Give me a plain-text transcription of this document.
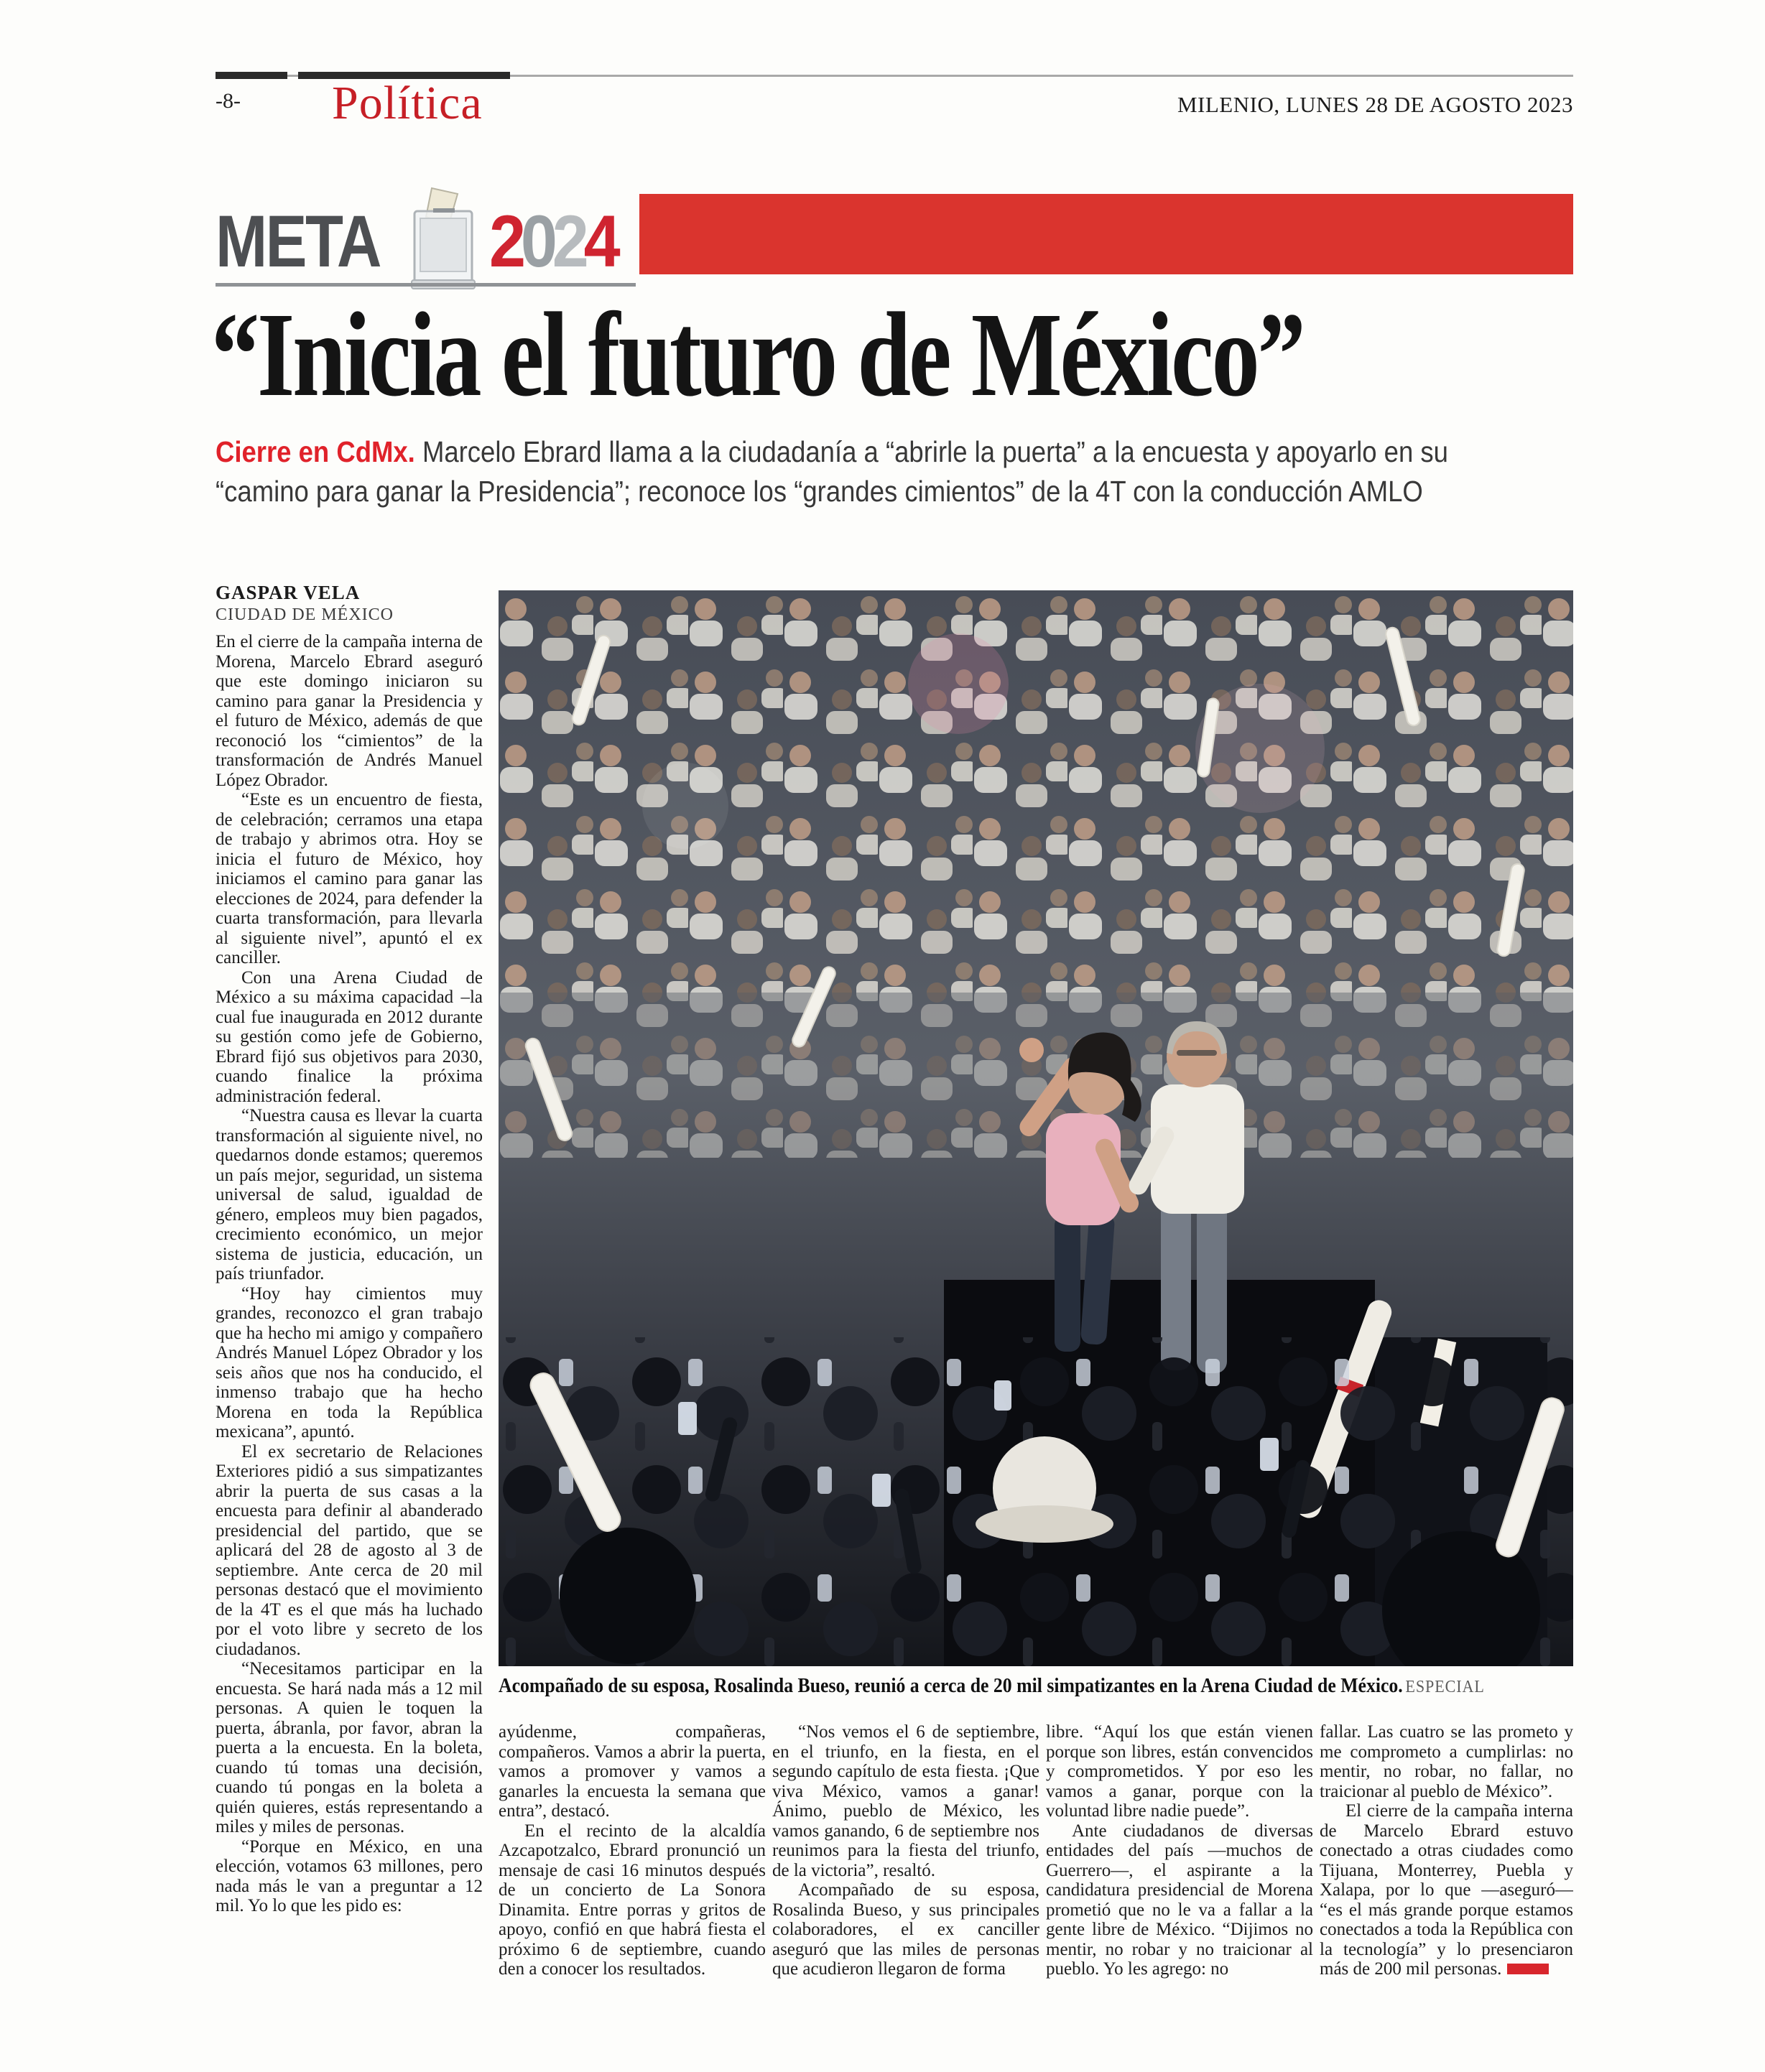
-8- Política	MILENIO, LUNES 28 DE AGOSTO 2023
META 2024
“Inicia el futuro de México”
Cierre en CdMx. Marcelo Ebrard llama a la ciudadanía a “abrirle la puerta” a la encuesta y apoyarlo en su
“camino para ganar la Presidencia”; reconoce los “grandes cimientos” de la 4T con la conducción AMLO
GASPAR VELA
CIUDAD DE MÉXICO

En el cierre de la campaña interna de Morena, Marcelo Ebrard aseguró que este domingo iniciaron su camino para ganar la Presidencia y el futuro de México, además de que reconoció los “cimientos” de la transformación de Andrés Manuel López Obrador.

“Este es un encuentro de fiesta, de celebración; cerramos una etapa de trabajo y abrimos otra. Hoy se inicia el futuro de México, hoy iniciamos el camino para ganar las elecciones de 2024, para defender la cuarta transformación, para llevarla al siguiente nivel”, apuntó el ex canciller.

Con una Arena Ciudad de México a su máxima capacidad –la cual fue inaugurada en 2012 durante su gestión como jefe de Gobierno, Ebrard fijó sus objetivos para 2030, cuando finalice la próxima administración federal.

“Nuestra causa es llevar la cuarta transformación al siguiente nivel, no quedarnos donde estamos; queremos un país mejor, seguridad, un sistema universal de salud, igualdad de género, empleos muy bien pagados, crecimiento económico, un mejor sistema de justicia, educación, un país triunfador.

“Hoy hay cimientos muy grandes, reconozco el gran trabajo que ha hecho mi amigo y compañero Andrés Manuel López Obrador y los seis años que nos ha conducido, el inmenso trabajo que ha hecho Morena en toda la República mexicana”, apuntó.

El ex secretario de Relaciones Exteriores pidió a sus simpatizantes abrir la puerta de sus casas a la encuesta para definir al abanderado presidencial del partido, que se aplicará del 28 de agosto al 3 de septiembre. Ante cerca de 20 mil personas destacó que el movimiento de la 4T es el que más ha luchado por el voto libre y secreto de los ciudadanos.

“Necesitamos participar en la encuesta. Se hará nada más a 12 mil personas. A quien le toquen la puerta, ábranla, por favor, abran la puerta a la encuesta. En la boleta, cuando tú tomas una decisión, cuando tú pongas en la boleta a quién quieres, estás representando a miles y miles de personas.

“Porque en México, en una elección, votamos 63 millones, pero nada más le van a preguntar a 12 mil. Yo lo que les pido es:

Acompañado de su esposa, Rosalinda Bueso, reunió a cerca de 20 mil simpatizantes en la Arena Ciudad de México. ESPECIAL

ayúdenme, compañeras, compañeros. Vamos a abrir la puerta, vamos a promover y vamos a ganarles la encuesta la semana que entra”, destacó.

En el recinto de la alcaldía Azcapotzalco, Ebrard pronunció un mensaje de casi 16 minutos después de un concierto de La Sonora Dinamita. Entre porras y gritos de apoyo, confió en que habrá fiesta el próximo 6 de septiembre, cuando den a conocer los resultados.

“Nos vemos el 6 de septiembre, en el triunfo, en la fiesta, en el segundo capítulo de esta fiesta. ¡Que viva México, vamos a ganar! Ánimo, pueblo de México, les vamos ganando, 6 de septiembre nos reunimos para la fiesta del triunfo, de la victoria”, resaltó.

Acompañado de su esposa, Rosalinda Bueso, y sus principales colaboradores, el ex canciller aseguró que las miles de personas que acudieron llegaron de forma

libre. “Aquí los que están vienen porque son libres, están convencidos y comprometidos. Y por eso les vamos a ganar, porque con la voluntad libre nadie puede”.

Ante ciudadanos de diversas entidades del país —muchos de Guerrero—, el aspirante a la candidatura presidencial de Morena prometió que no le va a fallar a la gente libre de México. “Dijimos no mentir, no robar y no traicionar al pueblo. Yo les agrego: no

fallar. Las cuatro se las prometo y me comprometo a cumplirlas: no mentir, no robar, no fallar, no traicionar al pueblo de México”.

El cierre de la campaña interna de Marcelo Ebrard estuvo conectado a otras ciudades como Tijuana, Monterrey, Puebla y Xalapa, por lo que —aseguró— “es el más grande porque estamos conectados a toda la República con la tecnología” y lo presenciaron más de 200 mil personas.
